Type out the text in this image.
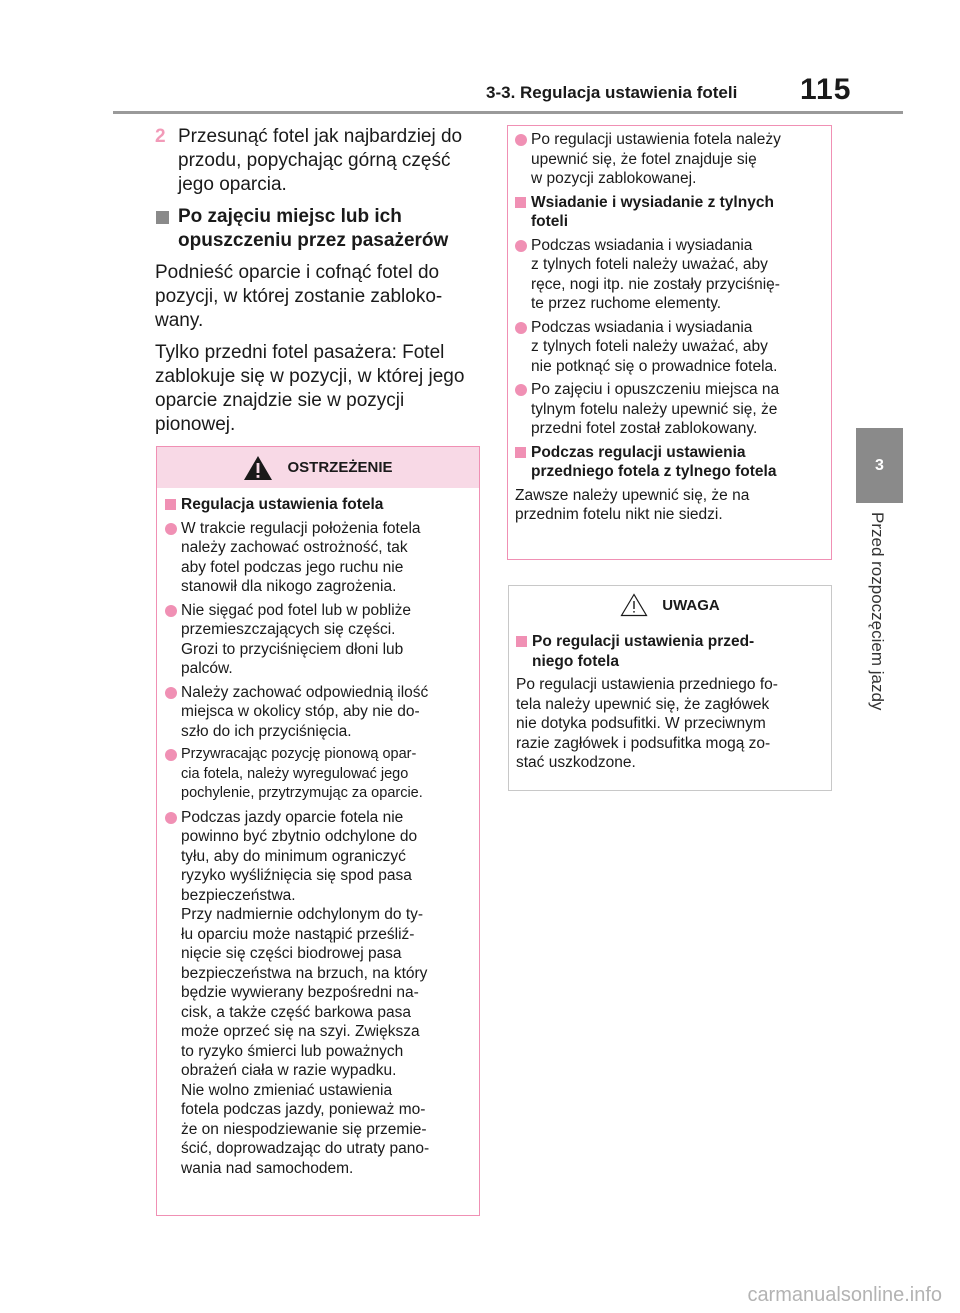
3-3. Regulacja ustawienia foteli 115
3
Przed rozpoczęciem jazdy
2 Przesunąć fotel jak najbardziej do przodu, popychając górną część jego oparcia.
Po zajęciu miejsc lub ich opuszczeniu przez pasażerów

Podnieść oparcie i cofnąć fotel do pozycji, w której zostanie zabloko-
wany.

Tylko przedni fotel pasażera: Fotel zablokuje się w pozycji, w której jego oparcie znajdzie sie w pozycji pionowej.

OSTRZEŻENIE
Regulacja ustawienia fotela
W trakcie regulacji położenia fotela
należy zachować ostrożność, tak
aby fotel podczas jego ruchu nie
stanowił dla nikogo zagrożenia.
Nie sięgać pod fotel lub w pobliże
przemieszczających się części.
Grozi to przyciśnięciem dłoni lub
palców.
Należy zachować odpowiednią ilość
miejsca w okolicy stóp, aby nie do-
szło do ich przyciśnięcia.
Przywracając pozycję pionową opar-
cia fotela, należy wyregulować jego
pochylenie, przytrzymując za oparcie.
Podczas jazdy oparcie fotela nie
powinno być zbytnio odchylone do
tyłu, aby do minimum ograniczyć
ryzyko wyśliźnięcia się spod pasa
bezpieczeństwa.
Przy nadmiernie odchylonym do ty-
łu oparciu może nastąpić prześliź-
nięcie się części biodrowej pasa
bezpieczeństwa na brzuch, na który
będzie wywierany bezpośredni na-
cisk, a także część barkowa pasa
może oprzeć się na szyi. Zwiększa
to ryzyko śmierci lub poważnych
obrażeń ciała w razie wypadku.
Nie wolno zmieniać ustawienia
fotela podczas jazdy, ponieważ mo-
że on niespodziewanie się przemie-
ścić, doprowadzając do utraty pano-
wania nad samochodem.
Po regulacji ustawienia fotela należy
upewnić się, że fotel znajduje się
w pozycji zablokowanej.
Wsiadanie i wysiadanie z tylnych
foteli
Podczas wsiadania i wysiadania
z tylnych foteli należy uważać, aby
ręce, nogi itp. nie zostały przyciśnię-
te przez ruchome elementy.
Podczas wsiadania i wysiadania
z tylnych foteli należy uważać, aby
nie potknąć się o prowadnice fotela.
Po zajęciu i opuszczeniu miejsca na
tylnym fotelu należy upewnić się, że
przedni fotel został zablokowany.
Podczas regulacji ustawienia
przedniego fotela z tylnego fotela

Zawsze należy upewnić się, że na
przednim fotelu nikt nie siedzi.

UWAGA
Po regulacji ustawienia przed-
niego fotela

Po regulacji ustawienia przedniego fo-
tela należy upewnić się, że zagłówek
nie dotyka podsufitki. W przeciwnym
razie zagłówek i podsufitka mogą zo-
stać uszkodzone.

carmanualsonline.info
